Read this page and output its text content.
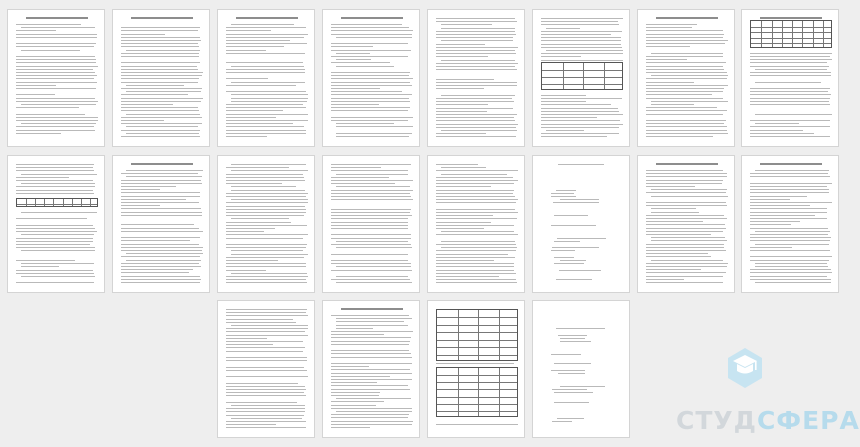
СТУДСФЕРА
